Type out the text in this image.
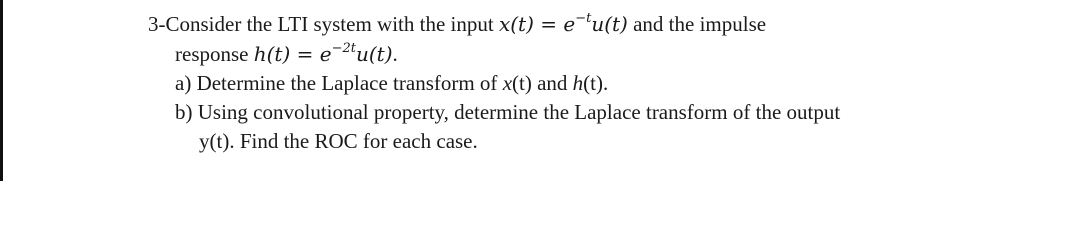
3-Consider the LTI system with the input $x(t) = e^{-t}u(t)$ and the impulse
response $h(t) = e^{-2t}u(t)$.
a) Determine the Laplace transform of x(t) and h(t).
b) Using convolutional property, determine the Laplace transform of the output
y(t). Find the ROC for each case.
